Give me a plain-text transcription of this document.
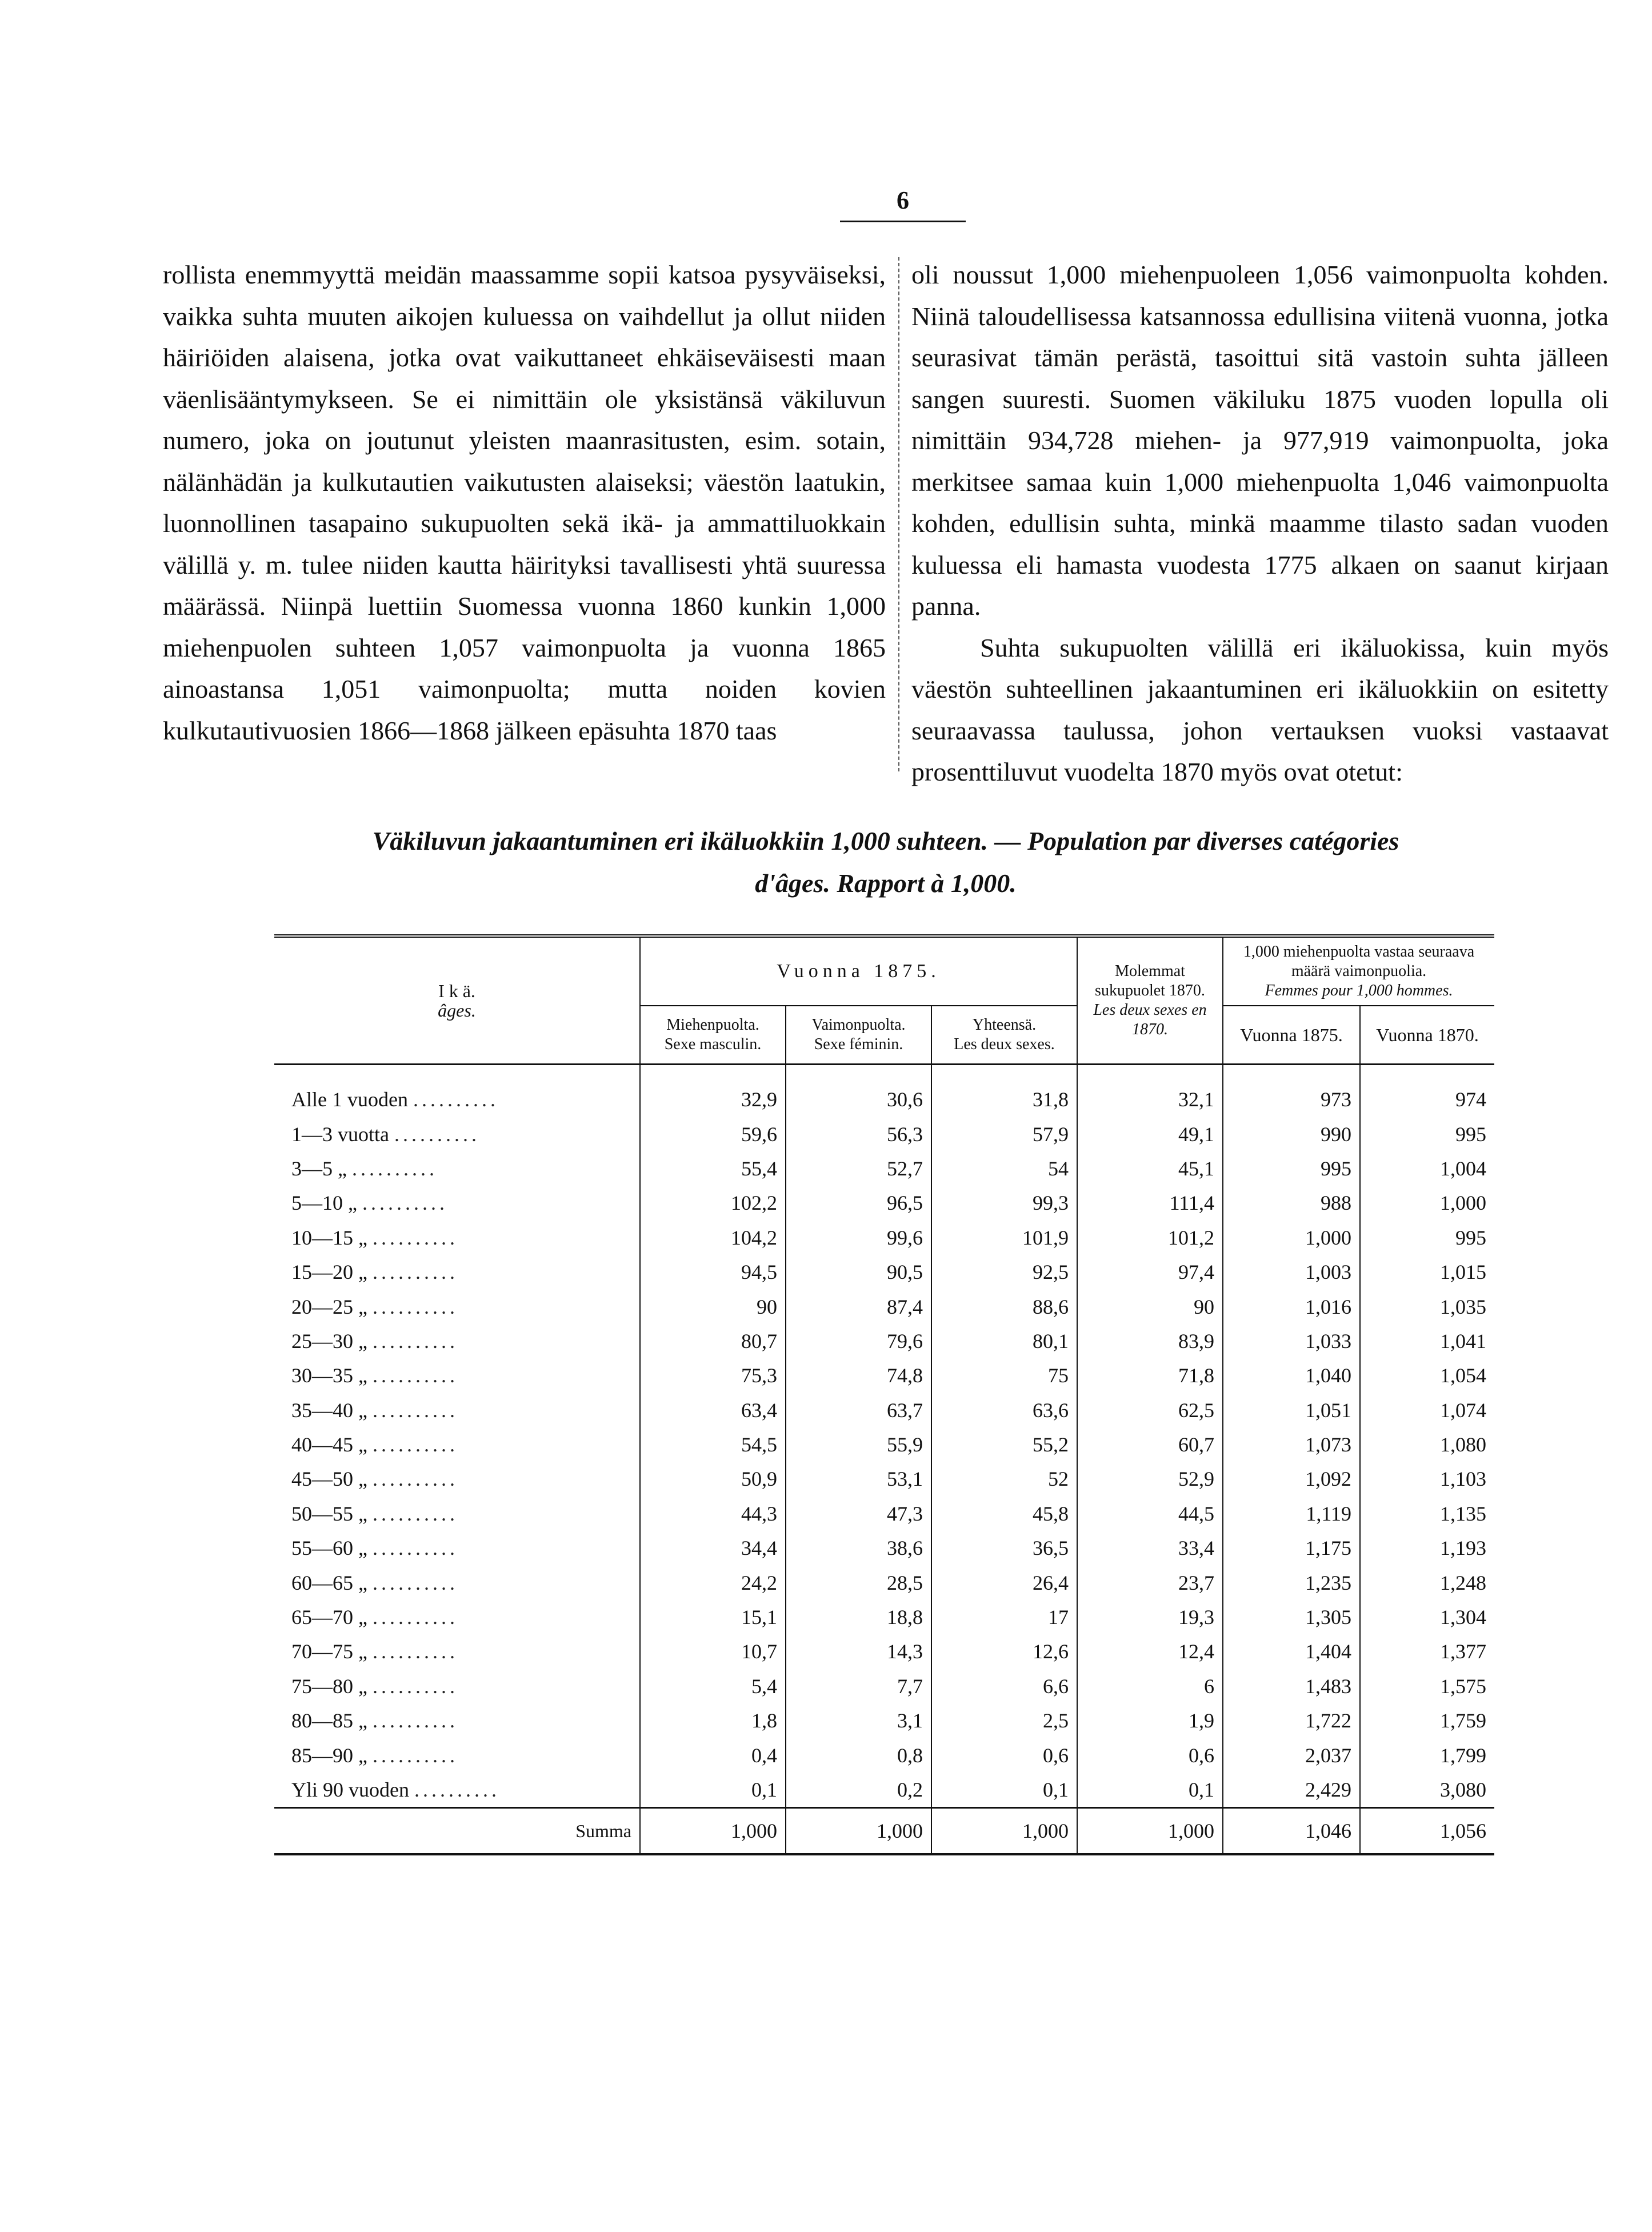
6

rollista enemmyyttä meidän maassamme sopii katsoa pysyväiseksi, vaikka suhta muuten aikojen kuluessa on vaihdellut ja ollut niiden häiriöiden alaisena, jotka ovat vaikuttaneet ehkäiseväisesti maan väenlisääntymykseen. Se ei nimittäin ole yksistänsä väkiluvun numero, joka on joutunut yleisten maanrasitusten, esim. sotain, nälänhädän ja kulkutautien vaikutusten alaiseksi; väestön laatukin, luonnollinen tasapaino sukupuolten sekä ikä- ja ammattiluokkain välillä y. m. tulee niiden kautta häirityksi tavallisesti yhtä suuressa määrässä. Niinpä luettiin Suomessa vuonna 1860 kunkin 1,000 miehenpuolen suhteen 1,057 vaimonpuolta ja vuonna 1865 ainoastansa 1,051 vaimonpuolta; mutta noiden kovien kulkutautivuosien 1866—1868 jälkeen epäsuhta 1870 taas

oli noussut 1,000 miehenpuoleen 1,056 vaimonpuolta kohden. Niinä taloudellisessa katsannossa edullisina viitenä vuonna, jotka seurasivat tämän perästä, tasoittui sitä vastoin suhta jälleen sangen suuresti. Suomen väkiluku 1875 vuoden lopulla oli nimittäin 934,728 miehen- ja 977,919 vaimonpuolta, joka merkitsee samaa kuin 1,000 miehenpuolta 1,046 vaimonpuolta kohden, edullisin suhta, minkä maamme tilasto sadan vuoden kuluessa eli hamasta vuodesta 1775 alkaen on saanut kirjaan panna.

Suhta sukupuolten välillä eri ikäluokissa, kuin myös väestön suhteellinen jakaantuminen eri ikäluokkiin on esitetty seuraavassa taulussa, johon vertauksen vuoksi vastaavat prosenttiluvut vuodelta 1870 myös ovat otetut:

Väkiluvun jakaantuminen eri ikäluokkiin 1,000 suhteen. — Population par diverses catégories
d'âges. Rapport à 1,000.
I k ä.
âges.	Vuonna 1875.			Molemmat sukupuolet 1870.
Les deux sexes en 1870.	1,000 miehenpuolta vastaa seuraava määrä vaimonpuolia.
Femmes pour 1,000 hommes.	

	Miehenpuolta.
Sexe masculin.	Vaimonpuolta.
Sexe féminin.	Yhteensä.
Les deux sexes.		Vuonna 1875.	Vuonna 1870.
Alle 1 vuoden ..........	32,9	30,6	31,8	32,1	973	974
1—3 vuotta ..........	59,6	56,3	57,9	49,1	990	995
3—5 „ ..........	55,4	52,7	54	45,1	995	1,004
5—10 „ ..........	102,2	96,5	99,3	111,4	988	1,000
10—15 „ ..........	104,2	99,6	101,9	101,2	1,000	995
15—20 „ ..........	94,5	90,5	92,5	97,4	1,003	1,015
20—25 „ ..........	90	87,4	88,6	90	1,016	1,035
25—30 „ ..........	80,7	79,6	80,1	83,9	1,033	1,041
30—35 „ ..........	75,3	74,8	75	71,8	1,040	1,054
35—40 „ ..........	63,4	63,7	63,6	62,5	1,051	1,074
40—45 „ ..........	54,5	55,9	55,2	60,7	1,073	1,080
45—50 „ ..........	50,9	53,1	52	52,9	1,092	1,103
50—55 „ ..........	44,3	47,3	45,8	44,5	1,119	1,135
55—60 „ ..........	34,4	38,6	36,5	33,4	1,175	1,193
60—65 „ ..........	24,2	28,5	26,4	23,7	1,235	1,248
65—70 „ ..........	15,1	18,8	17	19,3	1,305	1,304
70—75 „ ..........	10,7	14,3	12,6	12,4	1,404	1,377
75—80 „ ..........	5,4	7,7	6,6	6	1,483	1,575
80—85 „ ..........	1,8	3,1	2,5	1,9	1,722	1,759
85—90 „ ..........	0,4	0,8	0,6	0,6	2,037	1,799
Yli 90 vuoden ..........	0,1	0,2	0,1	0,1	2,429	3,080
Summa	1,000	1,000	1,000	1,000	1,046	1,056
